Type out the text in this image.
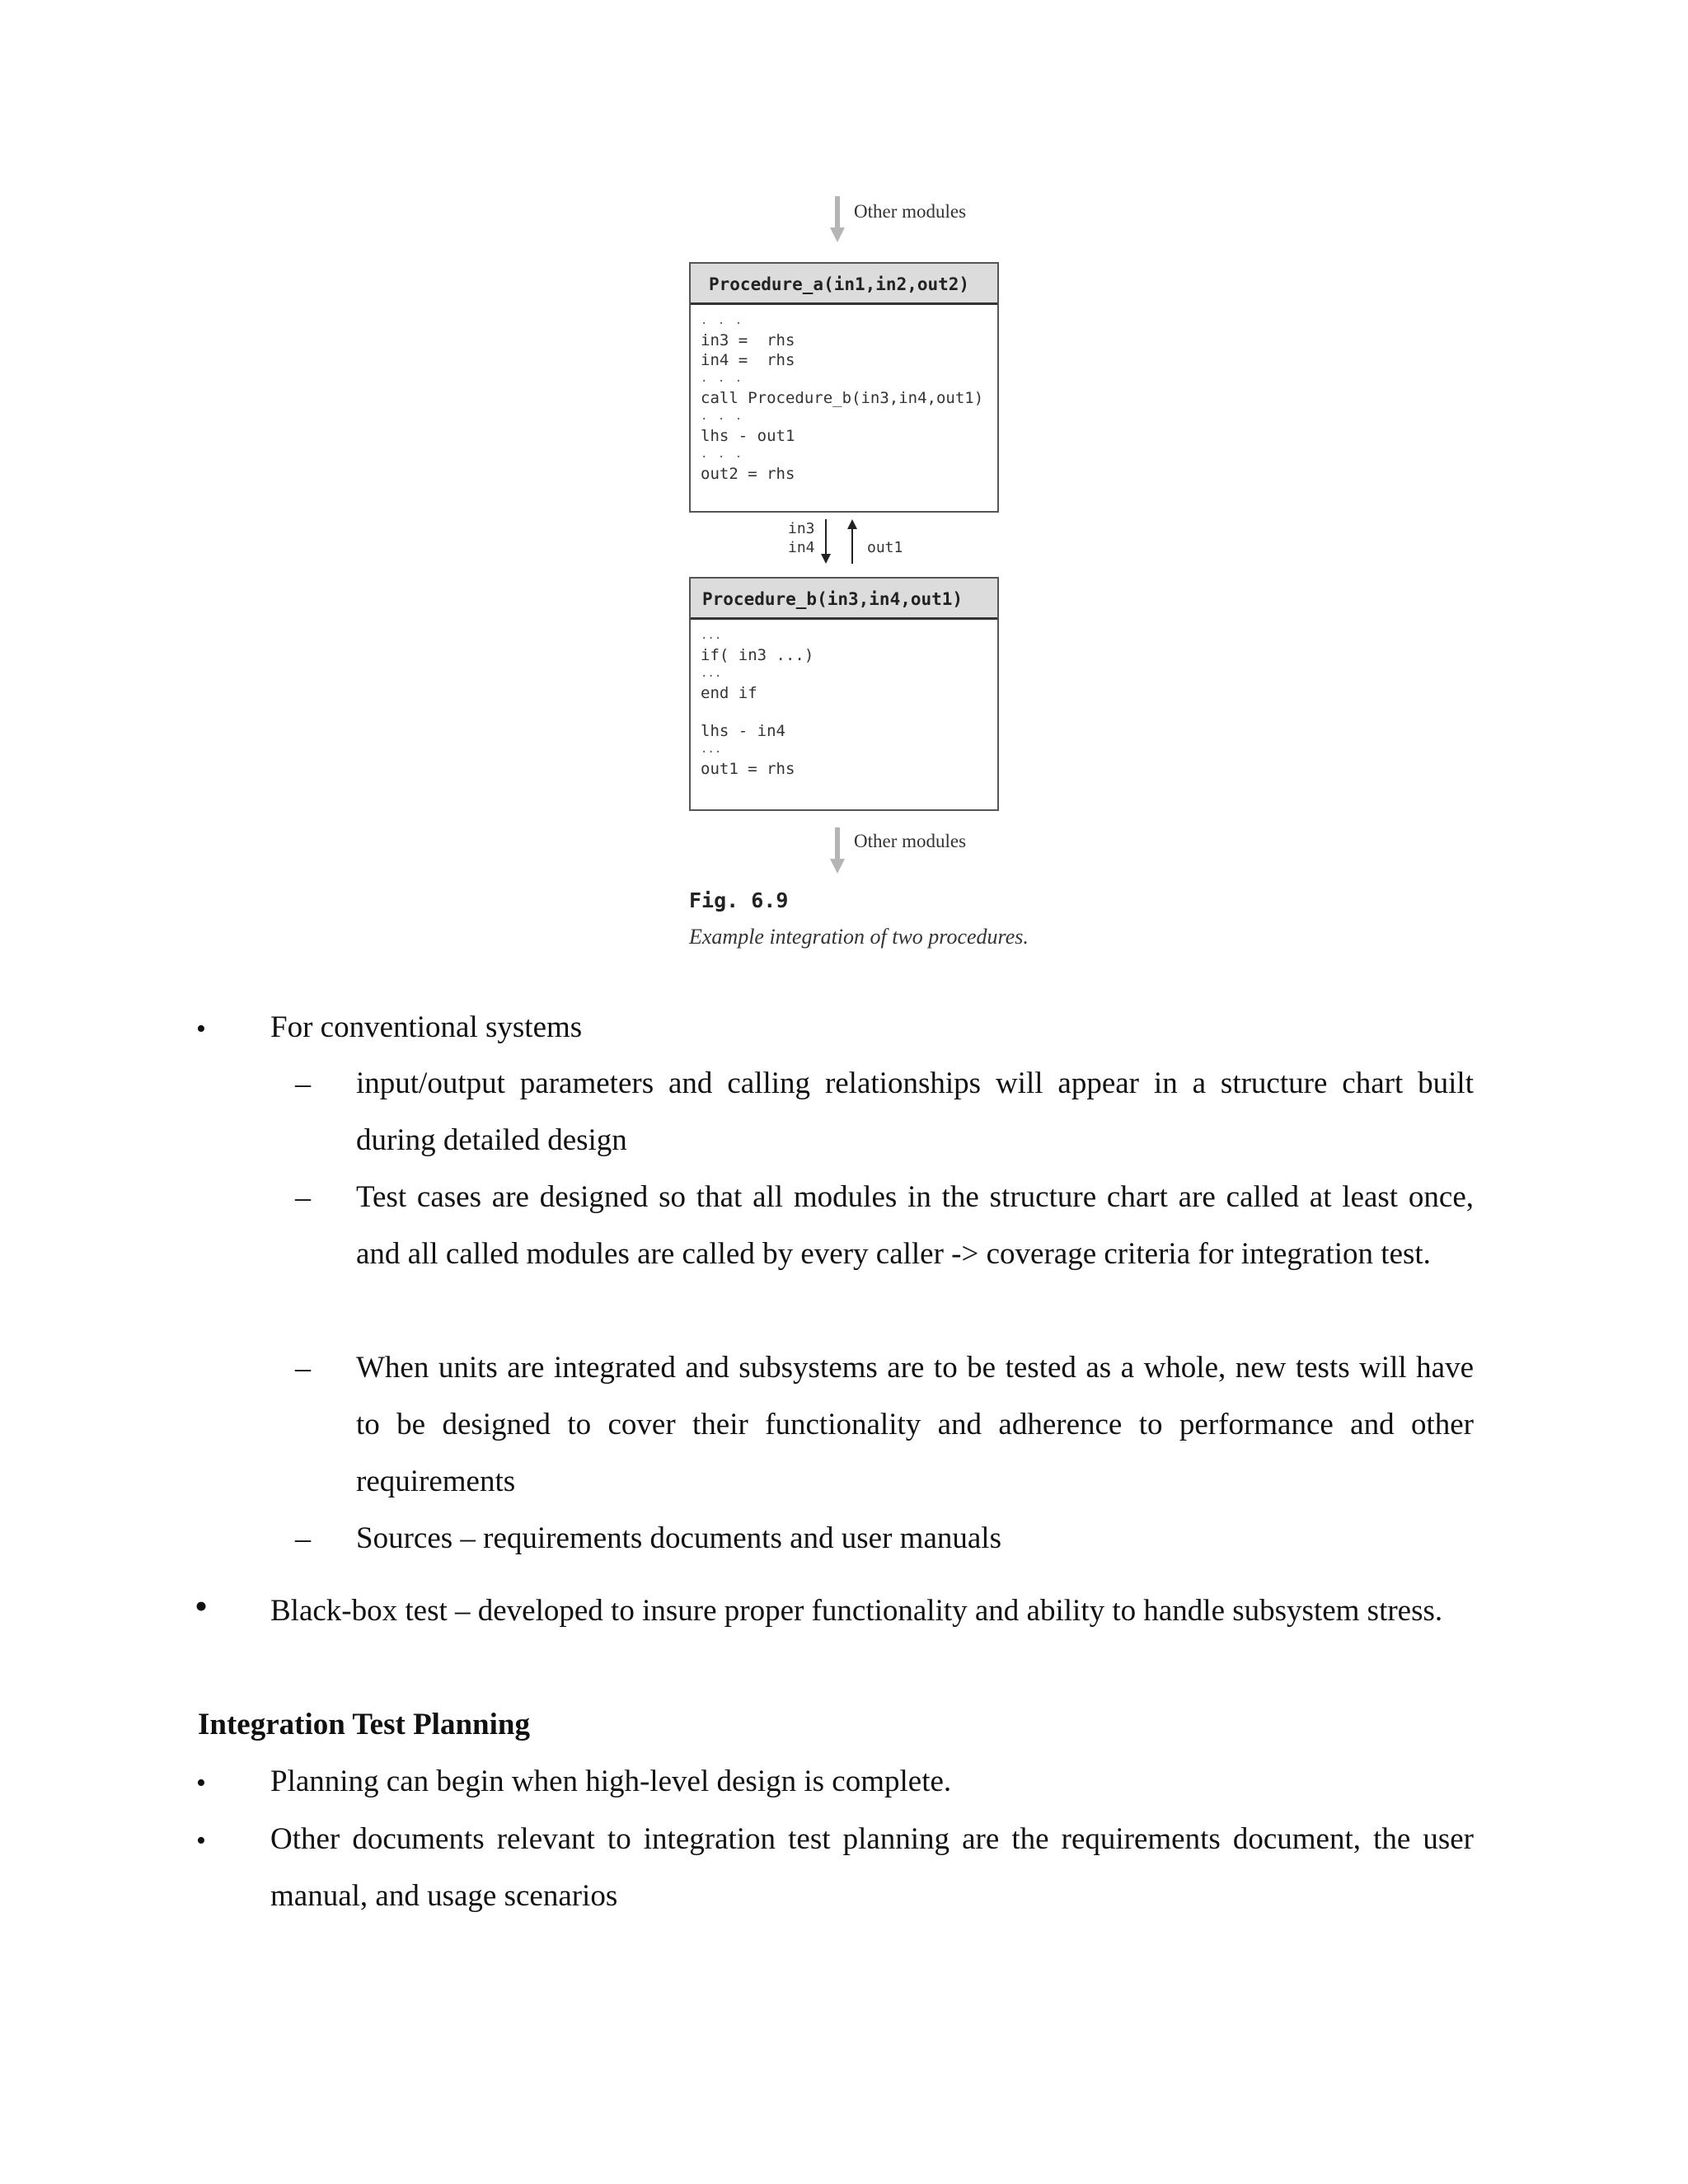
Other modules
Procedure_a(in1,in2,out2)
. . .
in3 =  rhs
in4 =  rhs
. . .
call Procedure_b(in3,in4,out1)
. . .
lhs - out1
. . .
out2 = rhs
in3
in4	out1
Procedure_b(in3,in4,out1)
...
if( in3 ...)
...
end if
lhs - in4
...
out1 = rhs
Other modules
Fig. 6.9
Example integration of two procedures.
• For conventional systems
– input/output parameters and calling relationships will appear in a structure chart built during detailed design
– Test cases are designed so that all modules in the structure chart are called at least once, and all called modules are called by every caller -> coverage criteria for integration test.
– When units are integrated and subsystems are to be tested as a whole, new tests will have to be designed to cover their functionality and adherence to performance and other requirements
– Sources – requirements documents and user manuals
• Black-box test – developed to insure proper functionality and ability to handle subsystem stress.
Integration Test Planning
• Planning can begin when high-level design is complete.
• Other documents relevant to integration test planning are the requirements document, the user manual, and usage scenarios
